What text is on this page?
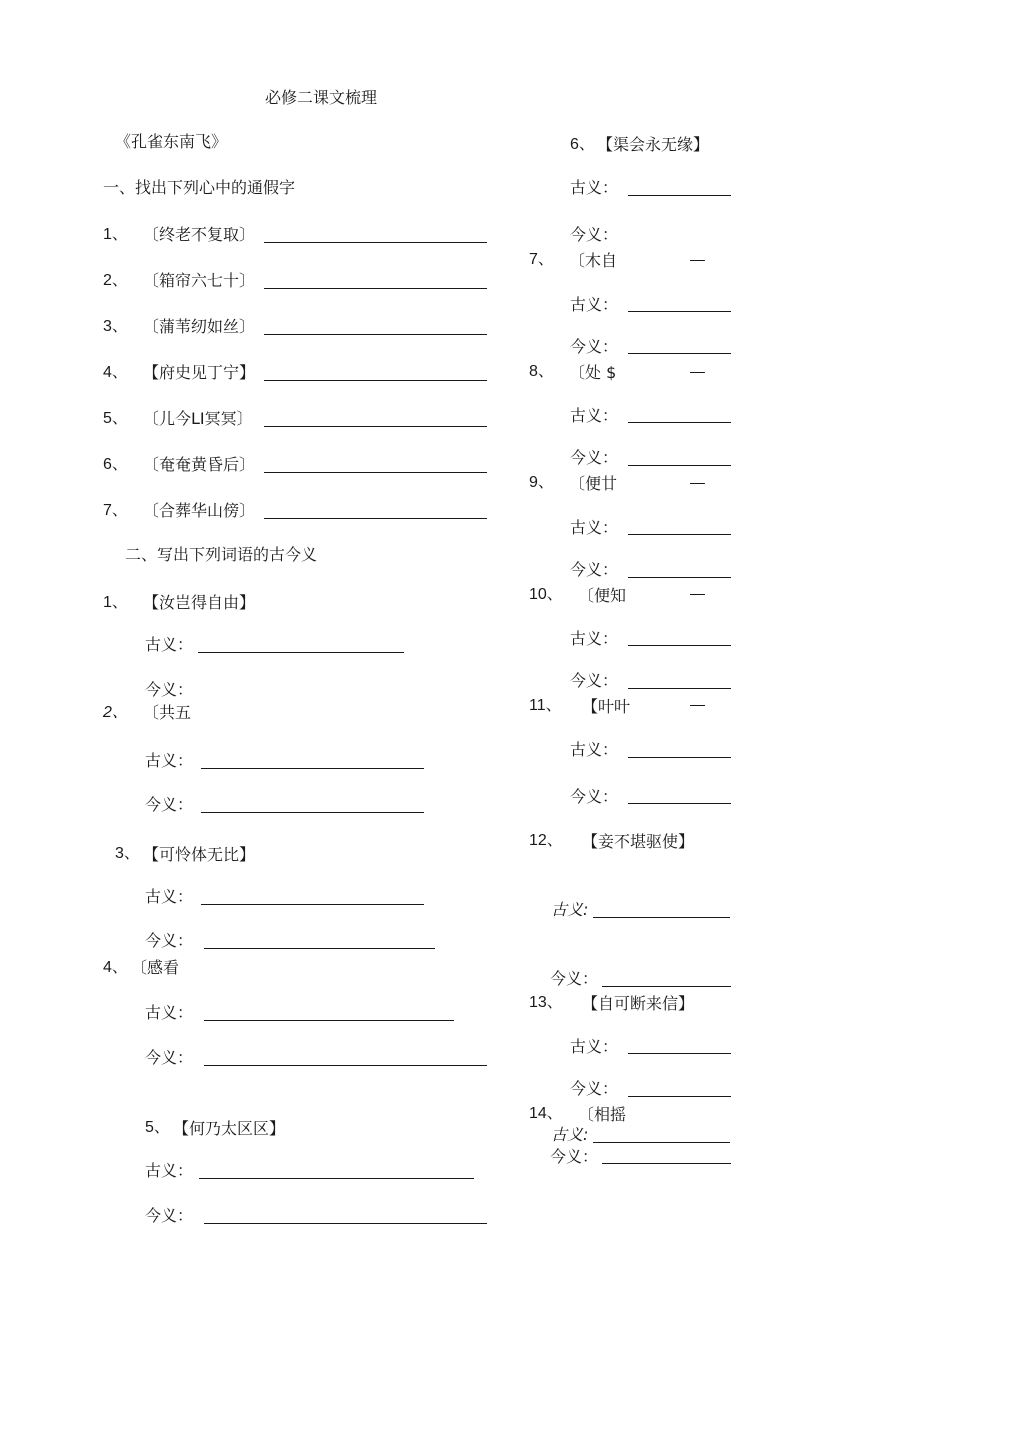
必修二课文梳理
《孔雀东南飞》
一、找出下列心中的通假字
1、 〔终老不复取〕
2、 〔箱帘六七十〕
3、 〔蒲苇纫如丝〕
4、 【府史见丁宁】
5、 〔儿今LI冥冥〕
6、 〔奄奄黄昏后〕
7、 〔合葬华山傍〕
二、写出下列词语的古今义
1、 【汝岂得自由】
古义：
今义：
2、 〔共五
古义：
今义：
3、 【可怜体无比】
古义：
今义：
4、 〔感看
古义：
今义：
5、 【何乃太区区】
古义：
今义：
6、 【渠会永无缘】
古义：
今义：
7、 〔木自
古义：
今义：
8、 〔处 $
古义：
今义：
9、 〔便廿
古义：
今义：
10、 〔便知
古义：
今义：
11、 【叶叶
古义：
今义：
12、 【妾不堪驱使】
古义:
今义：
13、 【自可断来信】
古义：
今义：
14、 〔相摇
古义:
今义：
